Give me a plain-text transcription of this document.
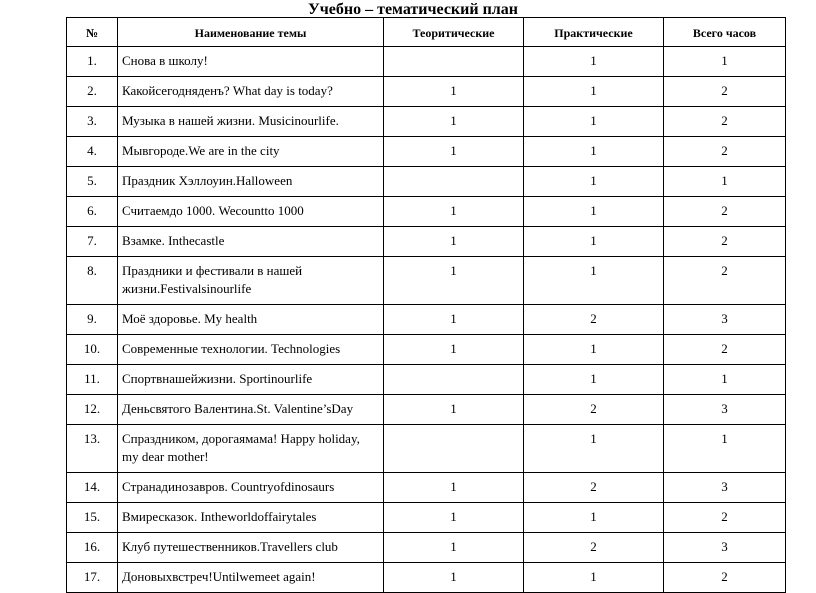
Учебно – тематический план
№	Наименование темы	Теоритические	Практические	Всего часов
1.	Снова в школу!		1	1
2.	Какойсегодняденъ? What day is today?	1	1	2
3.	Музыка в нашей жизни. Musicinourlife.	1	1	2
4.	Мывгороде.We are in the city	1	1	2
5.	Праздник Хэллоуин.Halloween		1	1
6.	Считаемдо 1000. Wecountto 1000	1	1	2
7.	Взамке. Inthecastle	1	1	2
8.	Праздники и фестивали в нашей жизни.Festivalsinourlife	1	1	2
9.	Моё здоровье. My health	1	2	3
10.	Современные технологии. Technologies	1	1	2
11.	Спортвнашейжизни. Sportinourlife		1	1
12.	Деньсвятого Валентина.St. Valentine’sDay	1	2	3
13.	Спраздником, дорогаямама! Happy holiday, my dear mother!		1	1
14.	Странадинозавров. Countryofdinosaurs	1	2	3
15.	Вмиресказок. Intheworldoffairytales	1	1	2
16.	Клуб путешественников.Travellers club	1	2	3
17.	Доновыхвстреч!Untilwemeet again!	1	1	2
